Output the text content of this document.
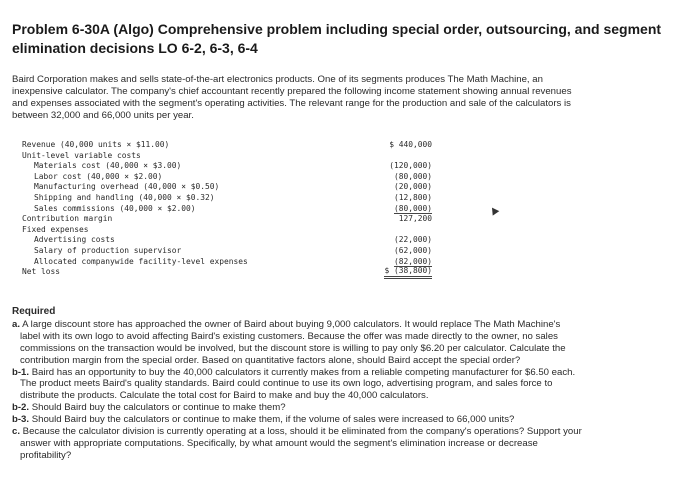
Problem 6-30A (Algo) Comprehensive problem including special order, outsourcing, and segment
elimination decisions LO 6-2, 6-3, 6-4
Baird Corporation makes and sells state-of-the-art electronics products. One of its segments produces The Math Machine, an
inexpensive calculator. The company's chief accountant recently prepared the following income statement showing annual revenues
and expenses associated with the segment's operating activities. The relevant range for the production and sale of the calculators is
between 32,000 and 66,000 units per year.
Revenue (40,000 units × $11.00)	$ 440,000
Unit-level variable costs
Materials cost (40,000 × $3.00)	(120,000)
Labor cost (40,000 × $2.00)	(80,000)
Manufacturing overhead (40,000 × $0.50)	(20,000)
Shipping and handling (40,000 × $0.32)	(12,800)
Sales commissions (40,000 × $2.00)	(80,000)
Contribution margin	127,200
Fixed expenses
Advertising costs	(22,000)
Salary of production supervisor	(62,000)
Allocated companywide facility-level expenses	(82,000)
Net loss	$ (38,800)
Required
a. A large discount store has approached the owner of Baird about buying 9,000 calculators. It would replace The Math Machine's
label with its own logo to avoid affecting Baird's existing customers. Because the offer was made directly to the owner, no sales
commissions on the transaction would be involved, but the discount store is willing to pay only $6.20 per calculator. Calculate the
contribution margin from the special order. Based on quantitative factors alone, should Baird accept the special order?
b-1. Baird has an opportunity to buy the 40,000 calculators it currently makes from a reliable competing manufacturer for $6.50 each.
The product meets Baird's quality standards. Baird could continue to use its own logo, advertising program, and sales force to
distribute the products. Calculate the total cost for Baird to make and buy the 40,000 calculators.
b-2. Should Baird buy the calculators or continue to make them?
b-3. Should Baird buy the calculators or continue to make them, if the volume of sales were increased to 66,000 units?
c. Because the calculator division is currently operating at a loss, should it be eliminated from the company's operations? Support your
answer with appropriate computations. Specifically, by what amount would the segment's elimination increase or decrease
profitability?
